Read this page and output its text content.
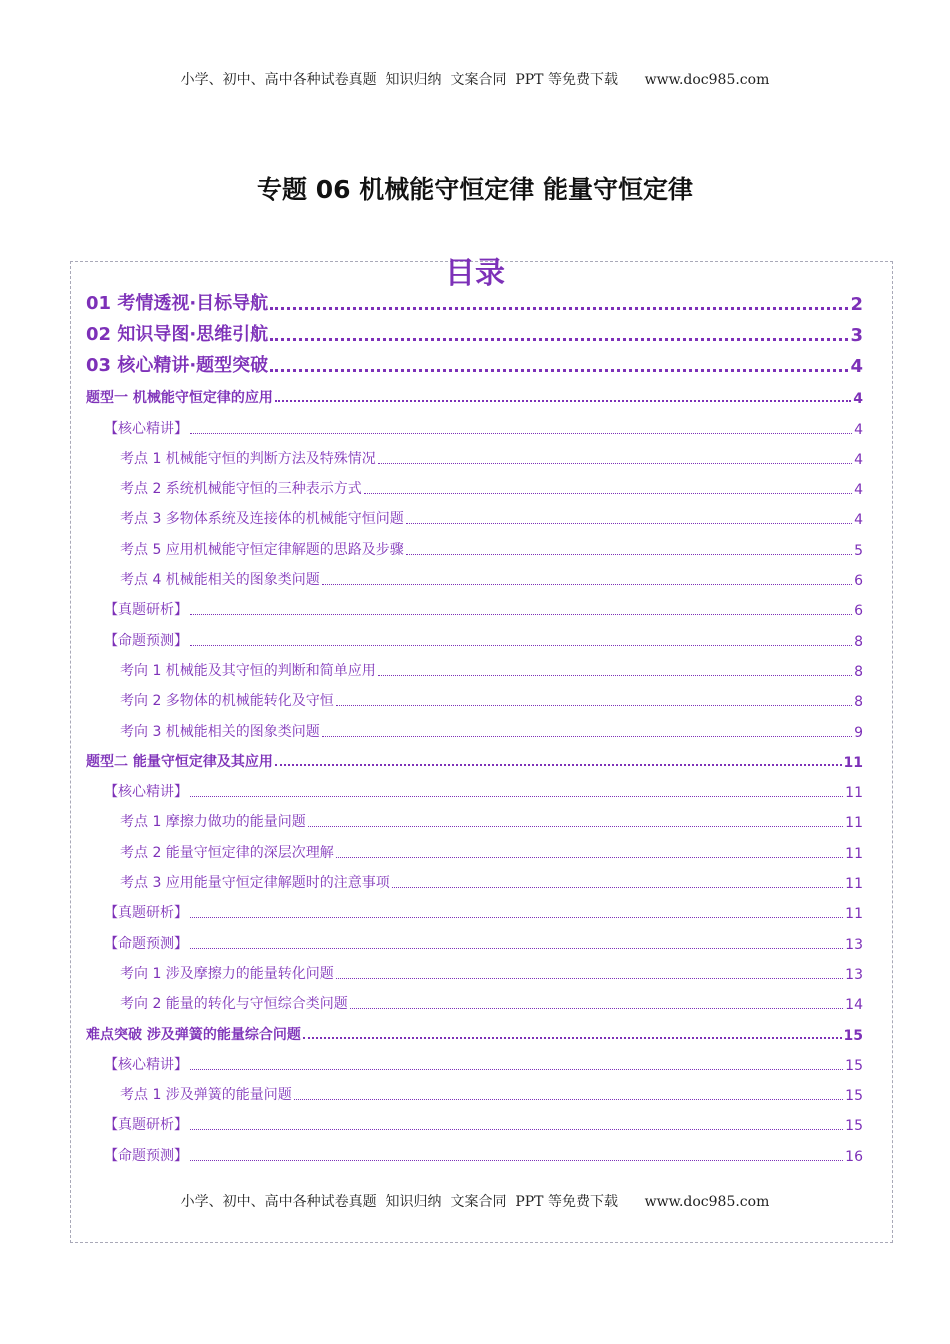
小学、初中、高中各种试卷真题  知识归纳  文案合同  PPT 等免费下载      www.doc985.com
专题 06 机械能守恒定律 能量守恒定律
目录
01 考情透视·目标导航	2
02 知识导图·思维引航	3
03 核心精讲·题型突破	4
题型一 机械能守恒定律的应用	4
【核心精讲】	4
考点 1 机械能守恒的判断方法及特殊情况	4
考点 2 系统机械能守恒的三种表示方式	4
考点 3 多物体系统及连接体的机械能守恒问题	4
考点 5 应用机械能守恒定律解题的思路及步骤	5
考点 4 机械能相关的图象类问题	6
【真题研析】	6
【命题预测】	8
考向 1 机械能及其守恒的判断和简单应用	8
考向 2 多物体的机械能转化及守恒	8
考向 3 机械能相关的图象类问题	9
题型二 能量守恒定律及其应用	11
【核心精讲】	11
考点 1 摩擦力做功的能量问题	11
考点 2 能量守恒定律的深层次理解	11
考点 3 应用能量守恒定律解题时的注意事项	11
【真题研析】	11
【命题预测】	13
考向 1 涉及摩擦力的能量转化问题	13
考向 2 能量的转化与守恒综合类问题	14
难点突破 涉及弹簧的能量综合问题	15
【核心精讲】	15
考点 1 涉及弹簧的能量问题	15
【真题研析】	15
【命题预测】	16
小学、初中、高中各种试卷真题  知识归纳  文案合同  PPT 等免费下载      www.doc985.com
